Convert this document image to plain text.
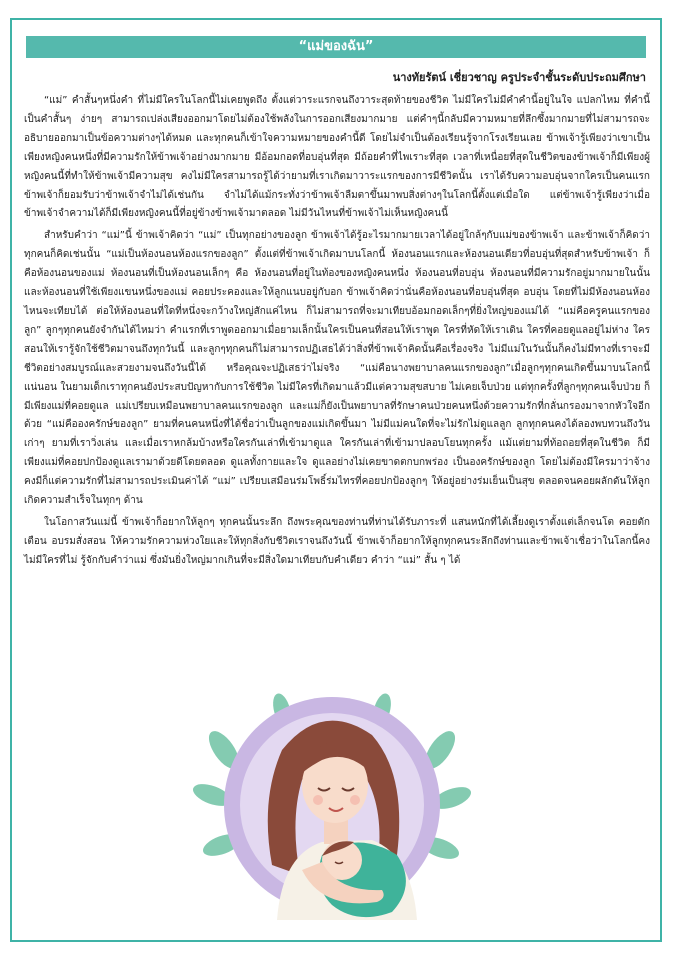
“แม่ของฉัน”
นางทัยรัตน์ เชี่ยวชาญ ครูประจำชั้นระดับประถมศึกษา

“แม่” คำสั้นๆหนึ่งคำ ที่ไม่มีใครในโลกนี้ไม่เคยพูดถึง ตั้งแต่วาระแรกจนถึงวาระสุดท้ายของชีวิต ไม่มีใครไม่มีคำคำนี้อยู่ในใจ แปลกไหม ที่คำนี้เป็นคำสั้นๆ ง่ายๆ สามารถเปล่งเสียงออกมาโดยไม่ต้องใช้พลังในการออกเสียงมากมาย แต่คำๆนี้กลับมีความหมายที่ลึกซึ้งมากมายที่ไม่สามารถจะอธิบายออกมาเป็นข้อความต่างๆได้หมด และทุกคนก็เข้าใจความหมายของคำนี้ดี โดยไม่จำเป็นต้องเรียนรู้จากโรงเรียนเลย ข้าพเจ้ารู้เพียงว่าเขาเป็นเพียงหญิงคนหนึ่งที่มีความรักให้ข้าพเจ้าอย่างมากมาย มีอ้อมกอดที่อบอุ่นที่สุด มีถ้อยคำที่ไพเราะที่สุด เวลาที่เหนื่อยที่สุดในชีวิตของข้าพเจ้าก็มีเพียงผู้หญิงคนนี้ที่ทำให้ข้าพเจ้ามีความสุข คงไม่มีใครสามารถรู้ได้ว่ายามที่เราเกิดมาวาระแรกของการมีชีวิตนั้น เราได้รับความอบอุ่นจากใครเป็นคนแรก ข้าพเจ้าก็ยอมรับว่าข้าพเจ้าจำไม่ได้เช่นกัน จำไม่ได้แม้กระทั่งว่าข้าพเจ้าลืมตาขึ้นมาพบสิ่งต่างๆในโลกนี้ตั้งแต่เมื่อใด แต่ข้าพเจ้ารู้เพียงว่าเมื่อข้าพเจ้าจำความได้ก็มีเพียงหญิงคนนี้ที่อยู่ข้างข้าพเจ้ามาตลอด ไม่มีวันไหนที่ข้าพเจ้าไม่เห็นหญิงคนนี้

สำหรับคำว่า “แม่”นี้ ข้าพเจ้าคิดว่า “แม่” เป็นทุกอย่างของลูก ข้าพเจ้าได้รู้อะไรมากมายเวลาได้อยู่ใกล้ๆกับแม่ของข้าพเจ้า และข้าพเจ้าก็คิดว่าทุกคนก็คิดเช่นนั้น “แม่เป็นห้องนอนห้องแรกของลูก” ตั้งแต่ที่ข้าพเจ้าเกิดมาบนโลกนี้ ห้องนอนแรกและห้องนอนเดียวที่อบอุ่นที่สุดสำหรับข้าพเจ้า ก็คือห้องนอนของแม่ ห้องนอนที่เป็นห้องนอนเล็กๆ คือ ห้องนอนที่อยู่ในท้องของหญิงคนหนึ่ง ห้องนอนที่อบอุ่น ห้องนอนที่มีความรักอยู่มากมายในนั้น และห้องนอนที่ใช้เพียงแขนหนึ่งของแม่ คอยประคองและให้ลูกแนบอยู่กับอก ข้าพเจ้าคิดว่านั่นคือห้องนอนที่อบอุ่นที่สุด อบอุ่น โดยที่ไม่มีห้องนอนห้องไหนจะเทียบได้ ต่อให้ห้องนอนที่ใดที่หนึ่งจะกว้างใหญ่สักแค่ไหน ก็ไม่สามารถที่จะมาเทียบอ้อมกอดเล็กๆที่ยิ่งใหญ่ของแม่ได้ “แม่คือครูคนแรกของลูก” ลูกๆทุกคนยังจำกันได้ไหมว่า คำแรกที่เราพูดออกมาเมื่อยามเล็กนั้นใครเป็นคนที่สอนให้เราพูด ใครที่หัดให้เราเดิน ใครที่คอยดูแลอยู่ไม่ห่าง ใครสอนให้เรารู้จักใช้ชีวิตมาจนถึงทุกวันนี้ และลูกๆทุกคนก็ไม่สามารถปฏิเสธได้ว่าสิ่งที่ข้าพเจ้าคิดนั้นคือเรื่องจริง ไม่มีแม่ในวันนั้นก็คงไม่มีทางที่เราจะมีชีวิตอย่างสมบูรณ์และสวยงามจนถึงวันนี้ได้ หรือคุณจะปฏิเสธว่าไม่จริง “แม่คือนางพยาบาลคนแรกของลูก”เมื่อลูกๆทุกคนเกิดขึ้นมาบนโลกนี้ แน่นอน ในยามเด็กเราทุกคนยังประสบปัญหากับการใช้ชีวิต ไม่มีใครที่เกิดมาแล้วมีแต่ความสุขสบาย ไม่เคยเจ็บป่วย แต่ทุกครั้งที่ลูกๆทุกคนเจ็บป่วย ก็มีเพียงแม่ที่คอยดูแล แม่เปรียบเหมือนพยาบาลคนแรกของลูก และแม่ก็ยังเป็นพยาบาลที่รักษาคนป่วยคนหนึ่งด้วยความรักที่กลั่นกรองมาจากหัวใจอีกด้วย “แม่คือองครักษ์ของลูก” ยามที่คนคนหนึ่งที่ได้ชื่อว่าเป็นลูกของแม่เกิดขึ้นมา ไม่มีแม่คนใดที่จะไม่รักไม่ดูแลลูก ลูกทุกคนคงได้ลองพบทวนถึงวันเก่าๆ ยามที่เราวิ่งเล่น และเมื่อเราหกล้มบ้างหรือใครกันเล่าที่เข้ามาดูแล ใครกันเล่าที่เข้ามาปลอบโยนทุกครั้ง แม้แต่ยามที่ท้อถอยที่สุดในชีวิต ก็มีเพียงแม่ที่คอยปกป้องดูแลเรามาด้วยดีโดยตลอด ดูแลทั้งกายและใจ ดูแลอย่างไม่เคยขาดตกบกพร่อง เป็นองครักษ์ของลูก โดยไม่ต้องมีใครมาว่าจ้าง คงมีก็แต่ความรักที่ไม่สามารถประเมินค่าได้ “แม่” เปรียบเสมือนร่มโพธิ์ร่มไทรที่คอยปกป้องลูกๆ ให้อยู่อย่างร่มเย็นเป็นสุข ตลอดจนคอยผลักดันให้ลูกเกิดความสำเร็จในทุกๆ ด้าน

ในโอกาสวันแม่นี้ ข้าพเจ้าก็อยากให้ลูกๆ ทุกคนนั้นระลึก ถึงพระคุณของท่านที่ท่านได้รับภาระที่ แสนหนักที่ได้เลี้ยงดูเราตั้งแต่เล็กจนโต คอยตักเตือน อบรมสั่งสอน ให้ความรักความห่วงใยและให้ทุกสิ่งกับชีวิตเราจนถึงวันนี้ ข้าพเจ้าก็อยากให้ลูกทุกคนระลึกถึงท่านและข้าพเจ้าเชื่อว่าในโลกนี้คงไม่มีใครที่ไม่ รู้จักกับคำว่าแม่ ซึ่งมันยิ่งใหญ่มากเกินที่จะมีสิ่งใดมาเทียบกับคำเดียว คำว่า “แม่” สั้น ๆ ได้
